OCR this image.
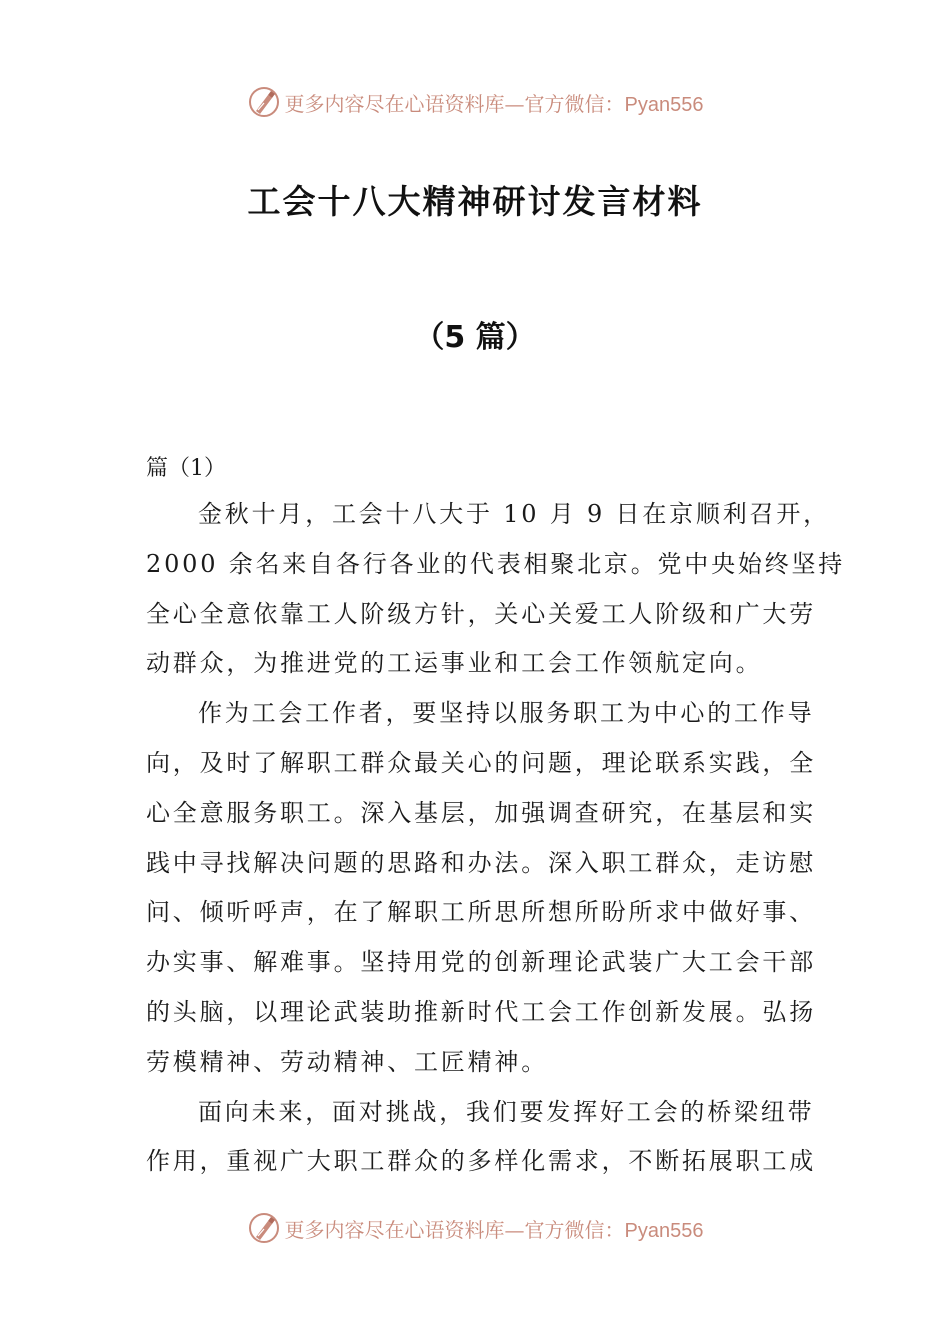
更多内容尽在心语资料库—官方微信：Pyan556
工会十八大精神研讨发言材料
（5 篇）

篇（1）

金秋十月，工会十八大于 10 月 9 日在京顺利召开，
2000 余名来自各行各业的代表相聚北京。党中央始终坚持
全心全意依靠工人阶级方针，关心关爱工人阶级和广大劳
动群众，为推进党的工运事业和工会工作领航定向。
作为工会工作者，要坚持以服务职工为中心的工作导
向，及时了解职工群众最关心的问题，理论联系实践，全
心全意服务职工。深入基层，加强调查研究，在基层和实
践中寻找解决问题的思路和办法。深入职工群众，走访慰
问、倾听呼声，在了解职工所思所想所盼所求中做好事、
办实事、解难事。坚持用党的创新理论武装广大工会干部
的头脑，以理论武装助推新时代工会工作创新发展。弘扬
劳模精神、劳动精神、工匠精神。
面向未来，面对挑战，我们要发挥好工会的桥梁纽带
作用，重视广大职工群众的多样化需求，不断拓展职工成
更多内容尽在心语资料库—官方微信：Pyan556
